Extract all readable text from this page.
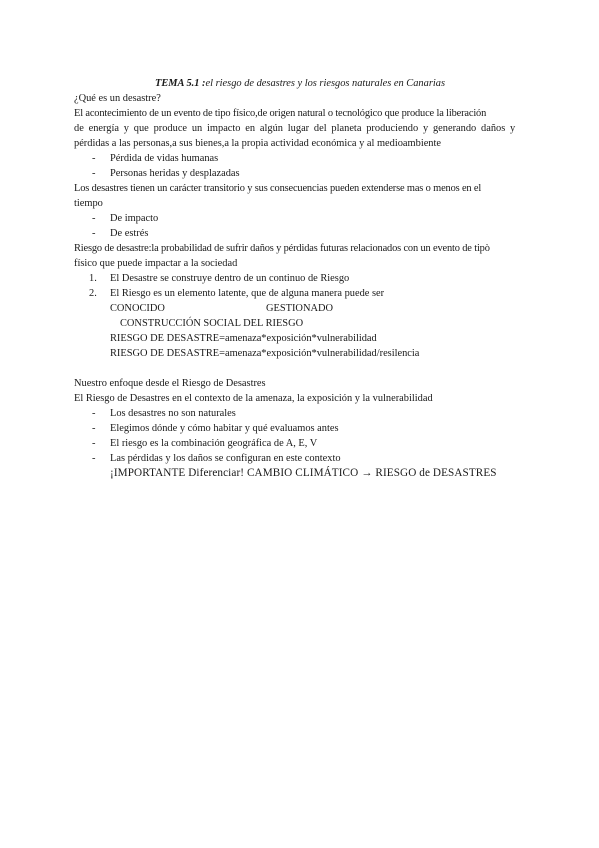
TEMA 5.1 :el riesgo de desastres y los riesgos naturales en Canarias

¿Qué es un desastre?

El acontecimiento de un evento de tipo físico,de origen natural o tecnológico que produce la liberación

de energía y que produce un impacto en algún lugar del planeta produciendo y generando daños y

pérdidas a las personas,a sus bienes,a la propia actividad económica y al medioambiente

- Pérdida de vidas humanas
- Personas heridas y desplazadas

Los desastres tienen un carácter transitorio y sus consecuencias pueden extenderse mas o menos en el

tiempo

- De impacto
- De estrés

Riesgo de desastre:la probabilidad de sufrir daños y pérdidas futuras relacionados con un evento de tipò

físico que puede impactar a la sociedad

1. El Desastre se construye dentro de un continuo de Riesgo
2. El Riesgo es un elemento latente, que de alguna manera puede ser
CONOCIDO	GESTIONADO

CONSTRUCCIÓN SOCIAL DEL RIESGO

RIESGO DE DESASTRE=amenaza*exposición*vulnerabilidad

RIESGO DE DESASTRE=amenaza*exposición*vulnerabilidad/resilencia

Nuestro enfoque desde el Riesgo de Desastres

El Riesgo de Desastres en el contexto de la amenaza, la exposición y la vulnerabilidad

- Los desastres no son naturales
- Elegimos dónde y cómo habitar y qué evaluamos antes
- El riesgo es la combinación geográfica de A, E, V
- Las pérdidas y los daños se configuran en este contexto

¡IMPORTANTE Diferenciar! CAMBIO CLIMÁTICO → RIESGO de DESASTRES
